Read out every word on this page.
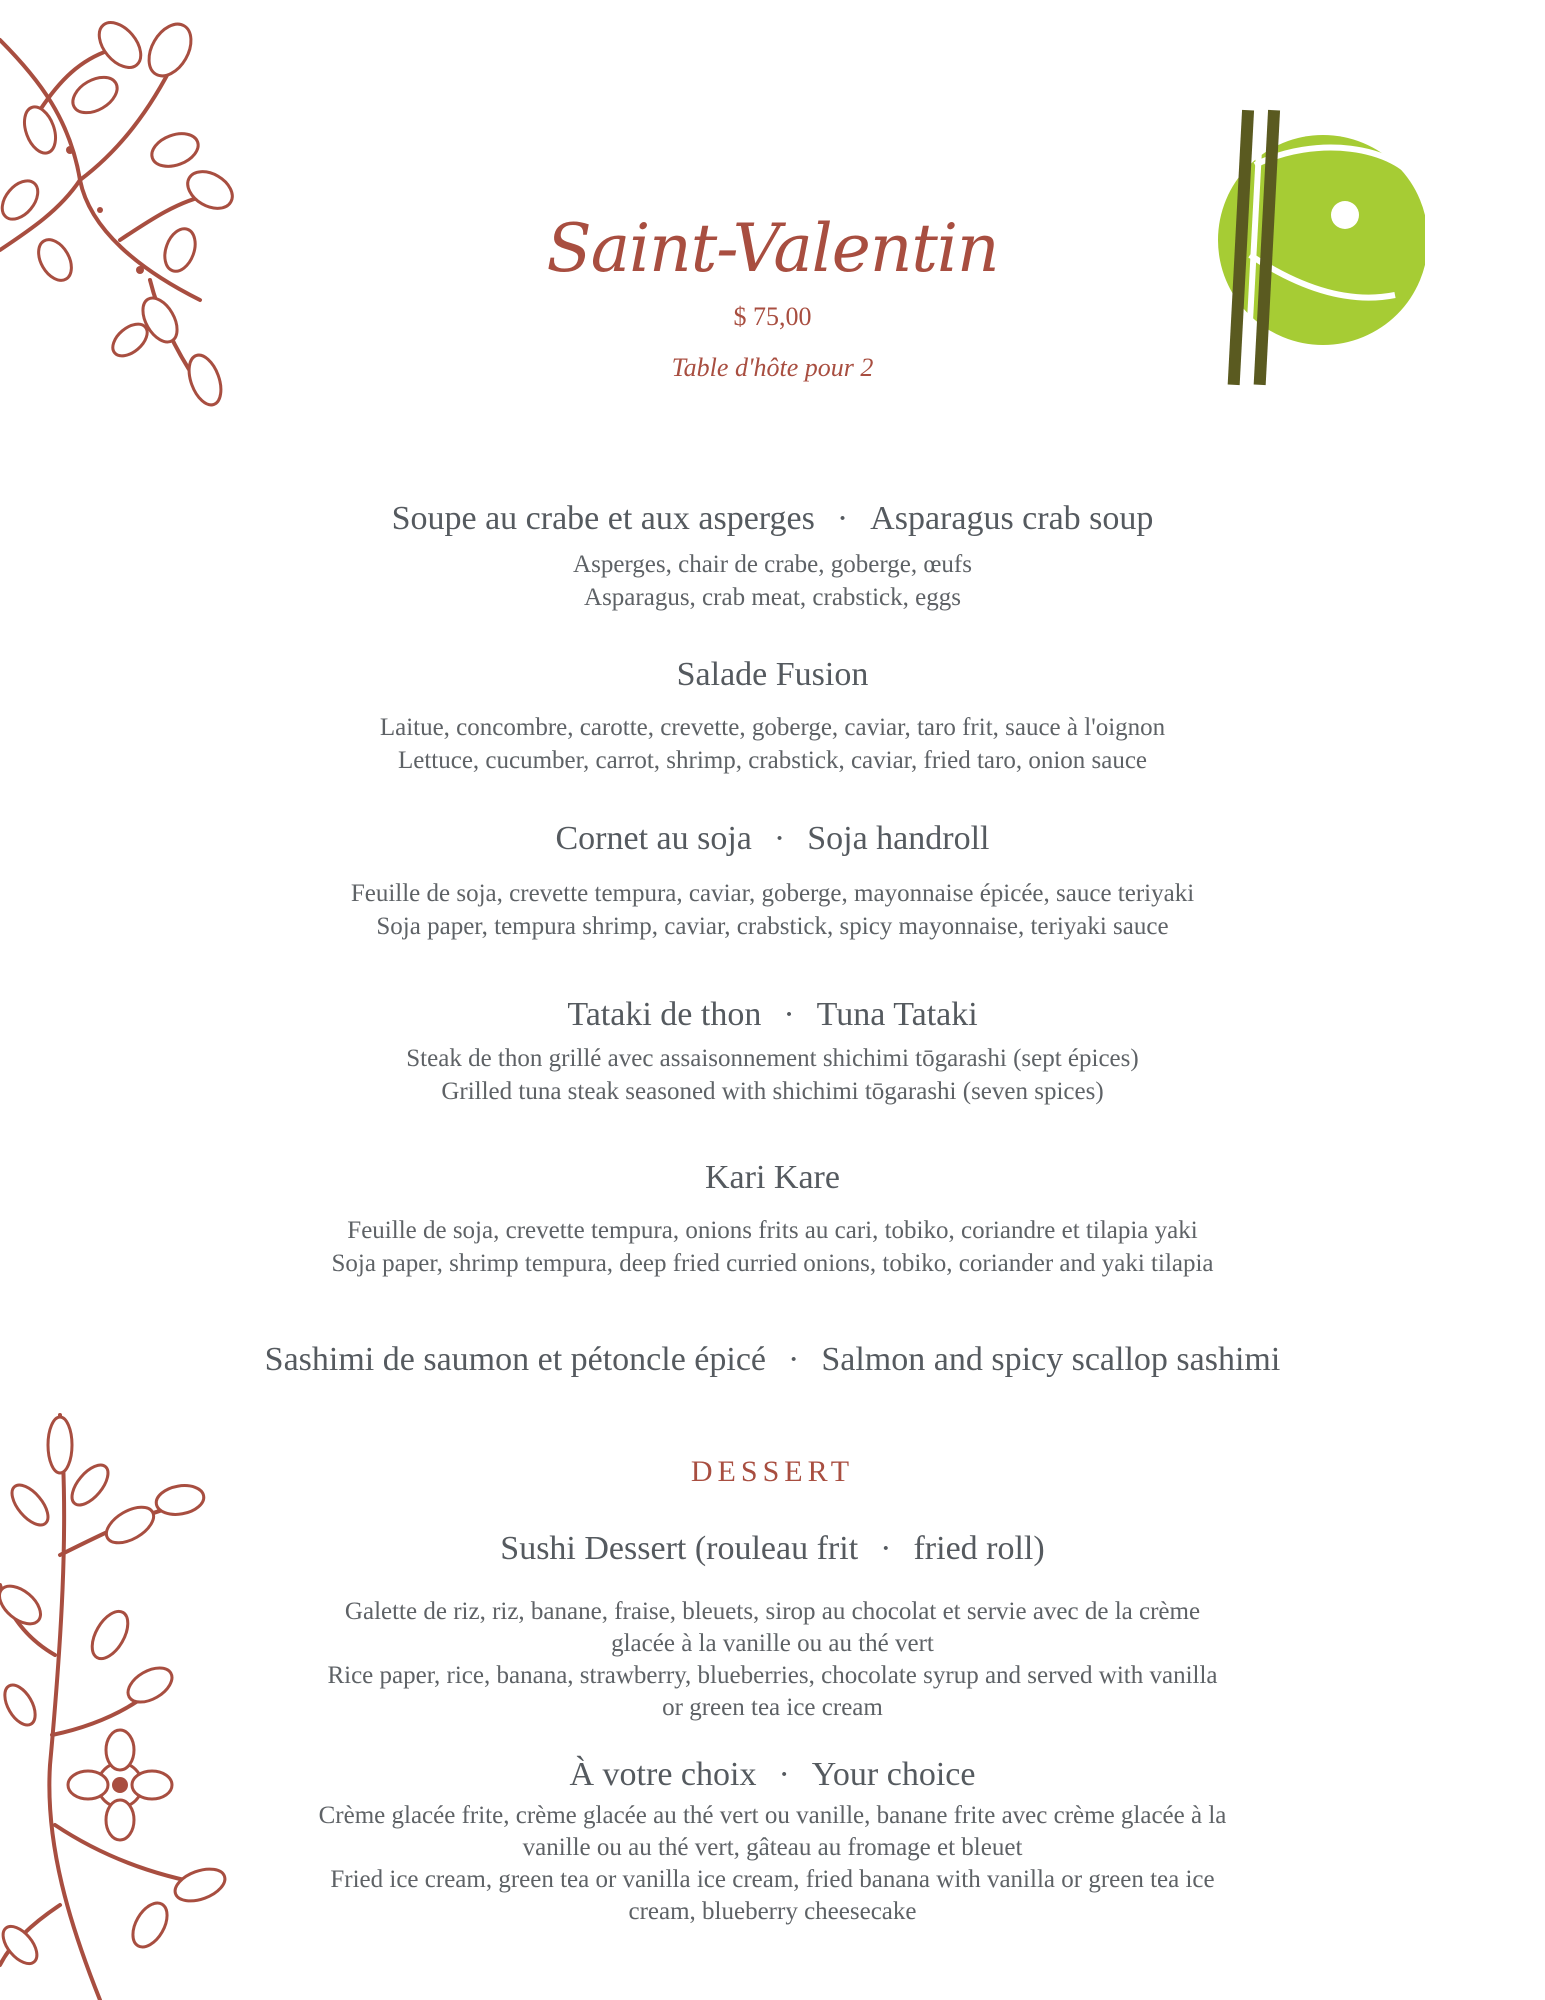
Saint-Valentin
$ 75,00
Table d'hôte pour 2
Soupe au crabe et aux asperges · Asparagus crab soup
Asperges, chair de crabe, goberge, œufs
Asparagus, crab meat, crabstick, eggs
Salade Fusion
Laitue, concombre, carotte, crevette, goberge, caviar, taro frit, sauce à l'oignon
Lettuce, cucumber, carrot, shrimp, crabstick, caviar, fried taro, onion sauce
Cornet au soja · Soja handroll
Feuille de soja, crevette tempura, caviar, goberge, mayonnaise épicée, sauce teriyaki
Soja paper, tempura shrimp, caviar, crabstick, spicy mayonnaise, teriyaki sauce
Tataki de thon · Tuna Tataki
Steak de thon grillé avec assaisonnement shichimi tōgarashi (sept épices)
Grilled tuna steak seasoned with shichimi tōgarashi (seven spices)
Kari Kare
Feuille de soja, crevette tempura, onions frits au cari, tobiko, coriandre et tilapia yaki
Soja paper, shrimp tempura, deep fried curried onions, tobiko, coriander and yaki tilapia
Sashimi de saumon et pétoncle épicé · Salmon and spicy scallop sashimi
DESSERT
Sushi Dessert (rouleau frit · fried roll)
Galette de riz, riz, banane, fraise, bleuets, sirop au chocolat et servie avec de la crème
glacée à la vanille ou au thé vert
Rice paper, rice, banana, strawberry, blueberries, chocolate syrup and served with vanilla
or green tea ice cream
À votre choix · Your choice
Crème glacée frite, crème glacée au thé vert ou vanille, banane frite avec crème glacée à la
vanille ou au thé vert, gâteau au fromage et bleuet
Fried ice cream, green tea or vanilla ice cream, fried banana with vanilla or green tea ice
cream, blueberry cheesecake
